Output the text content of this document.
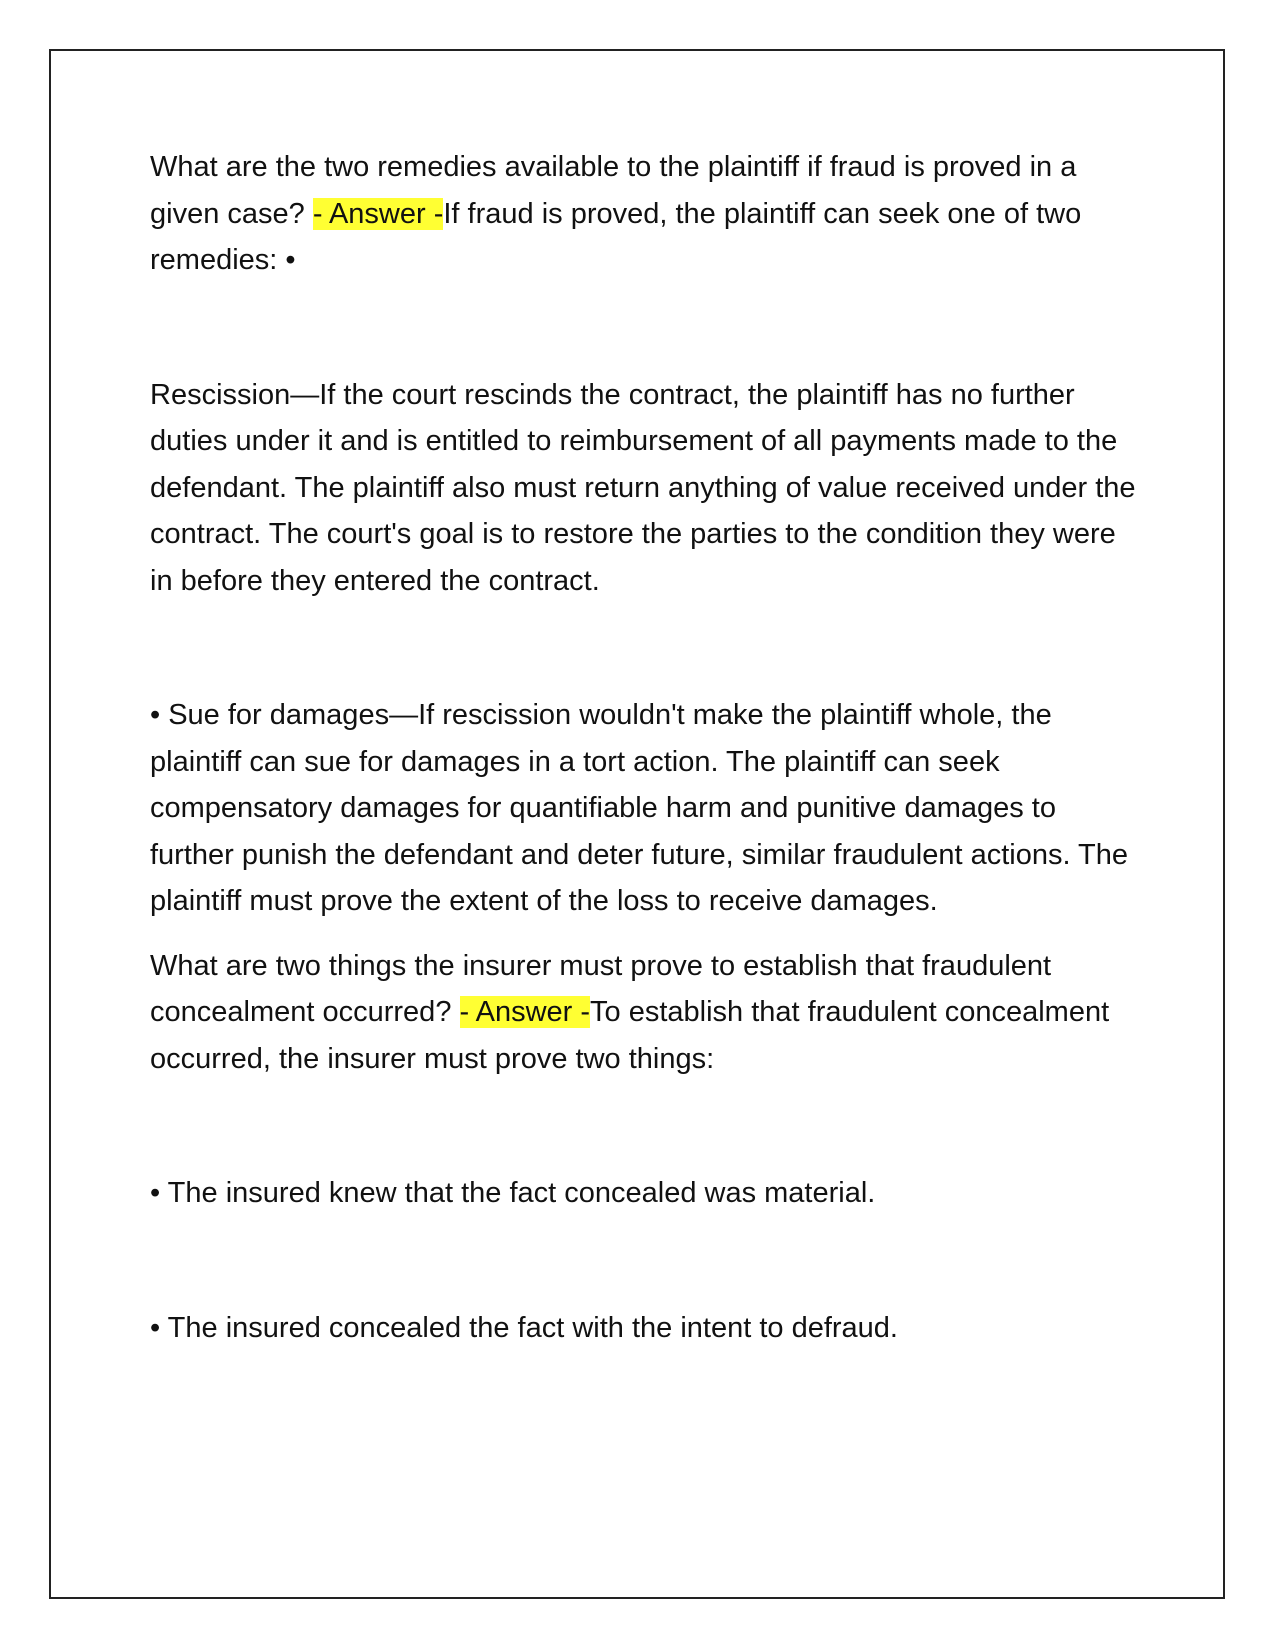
What are the two remedies available to the plaintiff if fraud is proved in a given case? - Answer -If fraud is proved, the plaintiff can seek one of two remedies: •

Rescission—If the court rescinds the contract, the plaintiff has no further duties under it and is entitled to reimbursement of all payments made to the defendant. The plaintiff also must return anything of value received under the contract. The court's goal is to restore the parties to the condition they were in before they entered the contract.

• Sue for damages—If rescission wouldn't make the plaintiff whole, the plaintiff can sue for damages in a tort action. The plaintiff can seek compensatory damages for quantifiable harm and punitive damages to further punish the defendant and deter future, similar fraudulent actions. The plaintiff must prove the extent of the loss to receive damages.

What are two things the insurer must prove to establish that fraudulent concealment occurred? - Answer -To establish that fraudulent concealment occurred, the insurer must prove two things:

• The insured knew that the fact concealed was material.

• The insured concealed the fact with the intent to defraud.
